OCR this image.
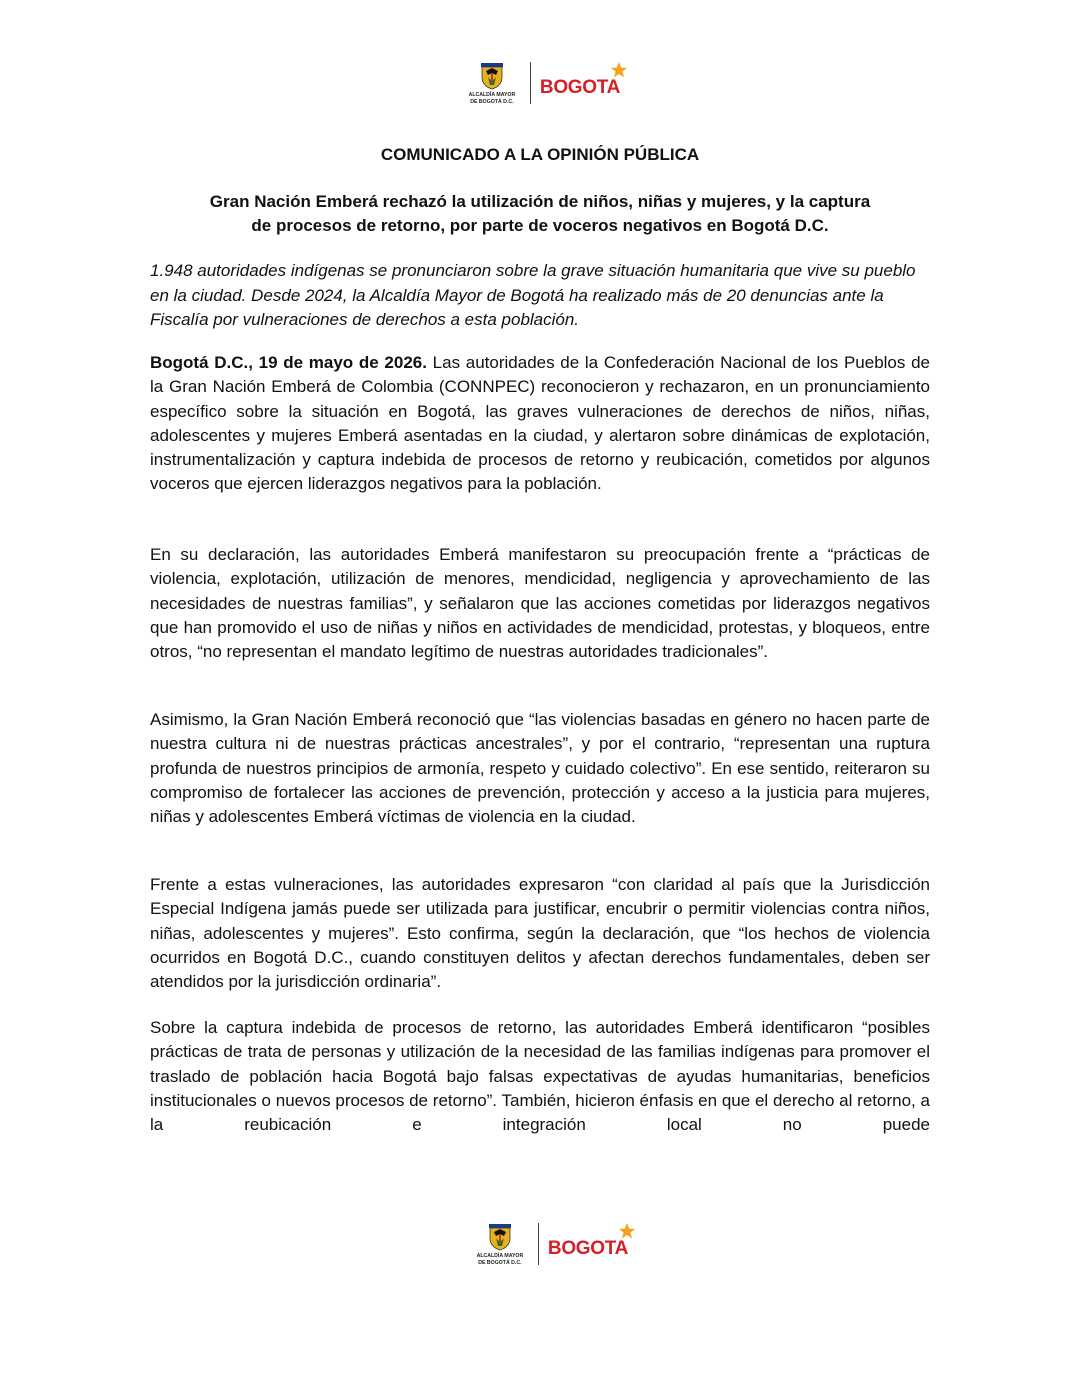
ALCALDÍA MAYOR
DE BOGOTÁ D.C.
BOGOTA
COMUNICADO A LA OPINIÓN PÚBLICA
Gran Nación Emberá rechazó la utilización de niños, niñas y mujeres, y la captura
de procesos de retorno, por parte de voceros negativos en Bogotá D.C.

1.948 autoridades indígenas se pronunciaron sobre la grave situación humanitaria que vive su pueblo en la ciudad. Desde 2024, la Alcaldía Mayor de Bogotá ha realizado más de 20 denuncias ante la Fiscalía por vulneraciones de derechos a esta población.

Bogotá D.C., 19 de mayo de 2026. Las autoridades de la Confederación Nacional de los Pueblos de la Gran Nación Emberá de Colombia (CONNPEC) reconocieron y rechazaron, en un pronunciamiento específico sobre la situación en Bogotá, las graves vulneraciones de derechos de niños, niñas, adolescentes y mujeres Emberá asentadas en la ciudad, y alertaron sobre dinámicas de explotación, instrumentalización y captura indebida de procesos de retorno y reubicación, cometidos por algunos voceros que ejercen liderazgos negativos para la población.

En su declaración, las autoridades Emberá manifestaron su preocupación frente a “prácticas de violencia, explotación, utilización de menores, mendicidad, negligencia y aprovechamiento de las necesidades de nuestras familias”, y señalaron que las acciones cometidas por liderazgos negativos que han promovido el uso de niñas y niños en actividades de mendicidad, protestas, y bloqueos, entre otros, “no representan el mandato legítimo de nuestras autoridades tradicionales”.

Asimismo, la Gran Nación Emberá reconoció que “las violencias basadas en género no hacen parte de nuestra cultura ni de nuestras prácticas ancestrales”, y por el contrario, “representan una ruptura profunda de nuestros principios de armonía, respeto y cuidado colectivo”. En ese sentido, reiteraron su compromiso de fortalecer las acciones de prevención, protección y acceso a la justicia para mujeres, niñas y adolescentes Emberá víctimas de violencia en la ciudad.

Frente a estas vulneraciones, las autoridades expresaron “con claridad al país que la Jurisdicción Especial Indígena jamás puede ser utilizada para justificar, encubrir o permitir violencias contra niños, niñas, adolescentes y mujeres”. Esto confirma, según la declaración, que “los hechos de violencia ocurridos en Bogotá D.C., cuando constituyen delitos y afectan derechos fundamentales, deben ser atendidos por la jurisdicción ordinaria”.

Sobre la captura indebida de procesos de retorno, las autoridades Emberá identificaron “posibles prácticas de trata de personas y utilización de la necesidad de las familias indígenas para promover el traslado de población hacia Bogotá bajo falsas expectativas de ayudas humanitarias, beneficios institucionales o nuevos procesos de retorno”. También, hicieron énfasis en que el derecho al retorno, a la reubicación e integración local no puede

ALCALDÍA MAYOR
DE BOGOTÁ D.C.
BOGOTA
